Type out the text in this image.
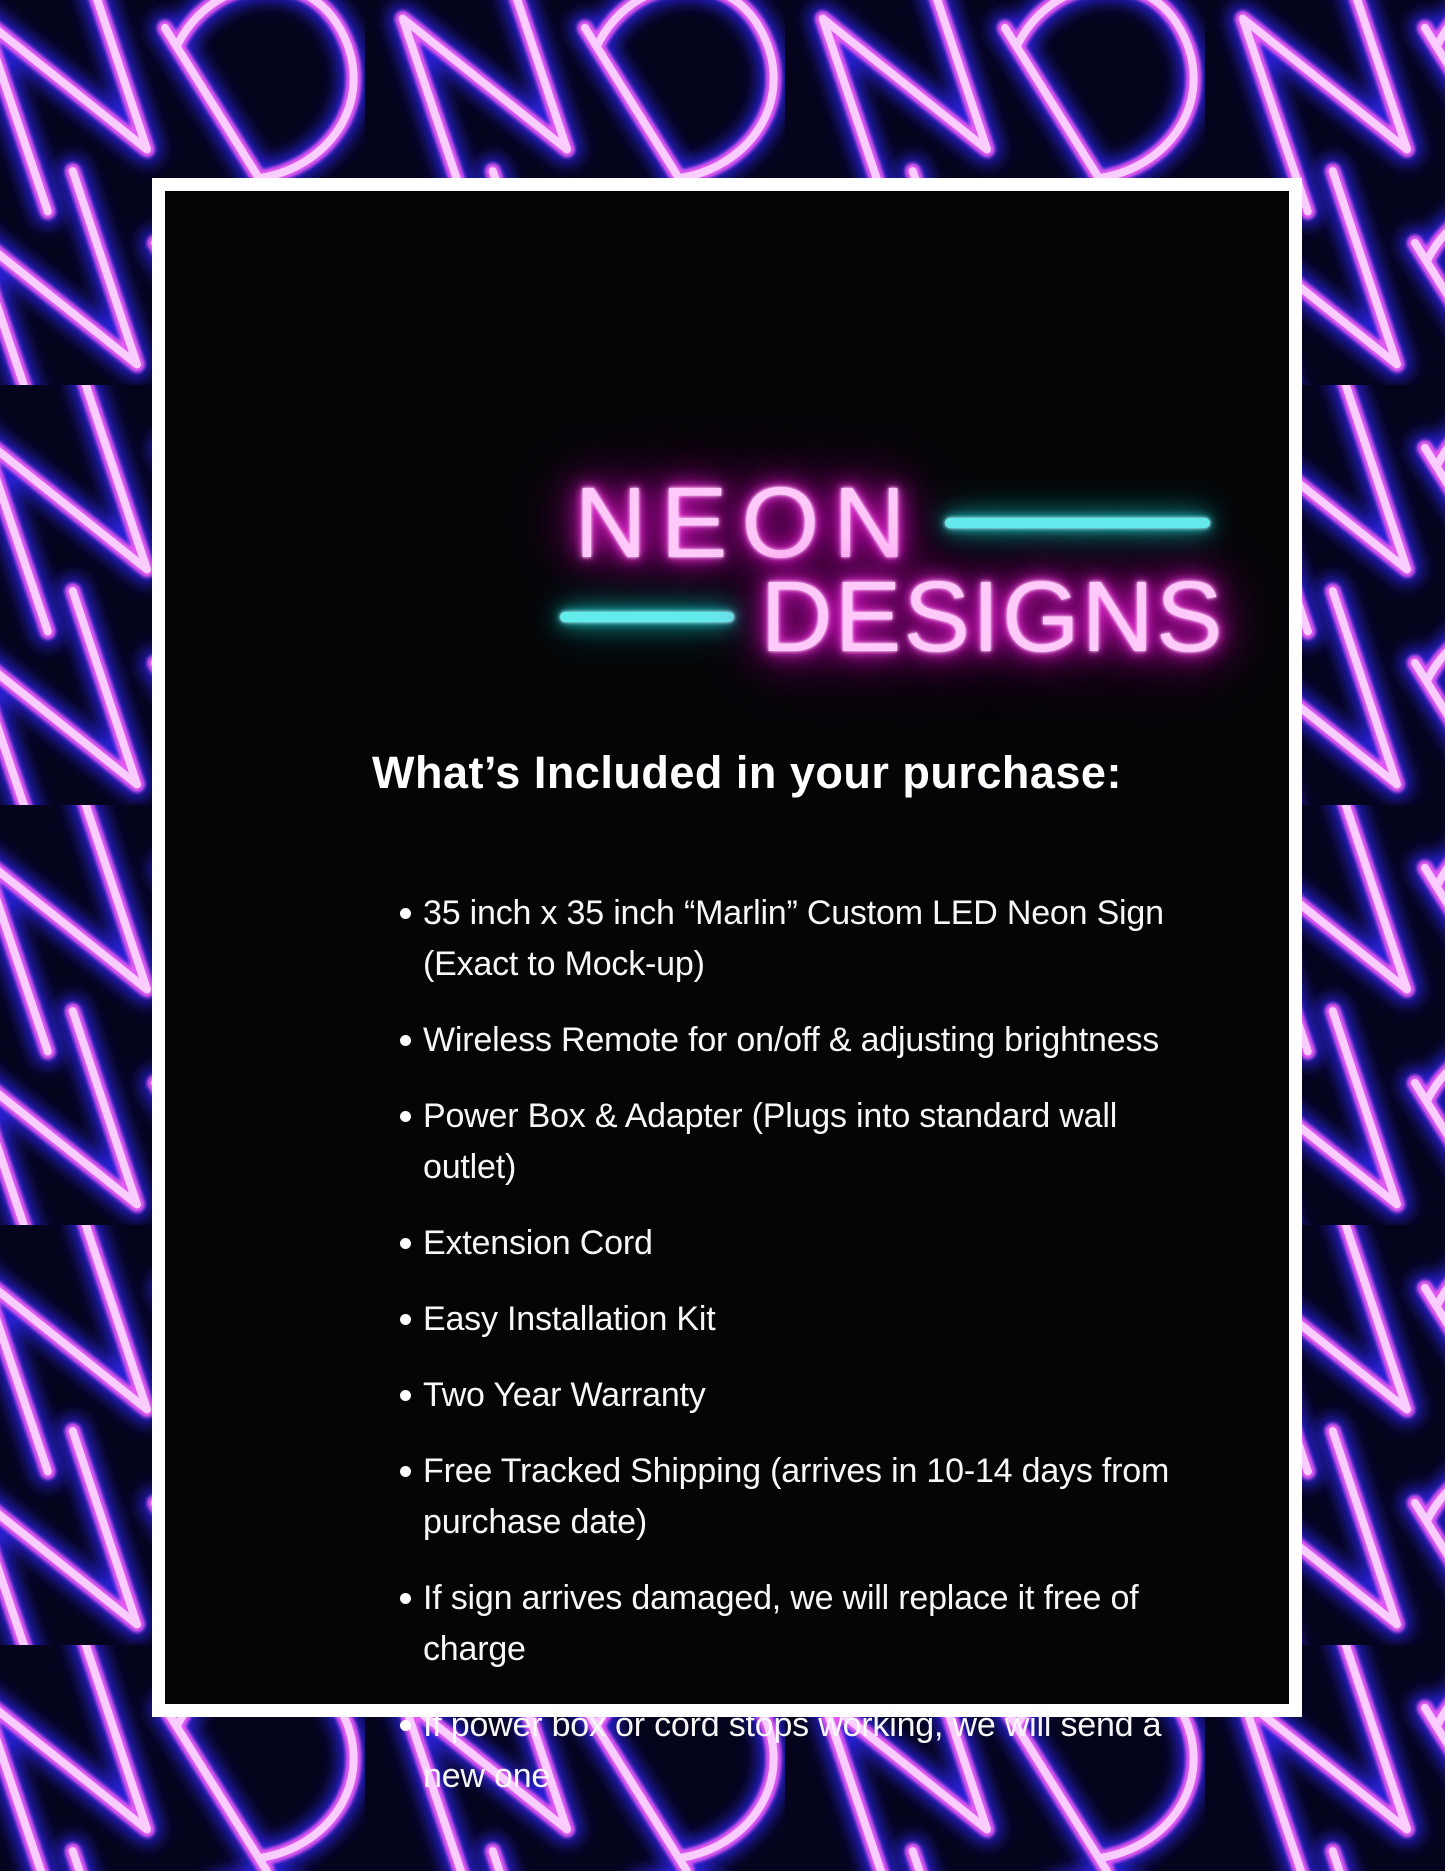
NEON
DESIGNS
What’s Included in your purchase:
35 inch x 35 inch “Marlin” Custom LED Neon Sign (Exact to Mock-up)
Wireless Remote for on/off & adjusting brightness
Power Box & Adapter (Plugs into standard wall outlet)
Extension Cord
Easy Installation Kit
Two Year Warranty
Free Tracked Shipping (arrives in 10-14 days from purchase date)
If sign arrives damaged, we will replace it free of charge
If power box or cord stops working, we will send a new one
